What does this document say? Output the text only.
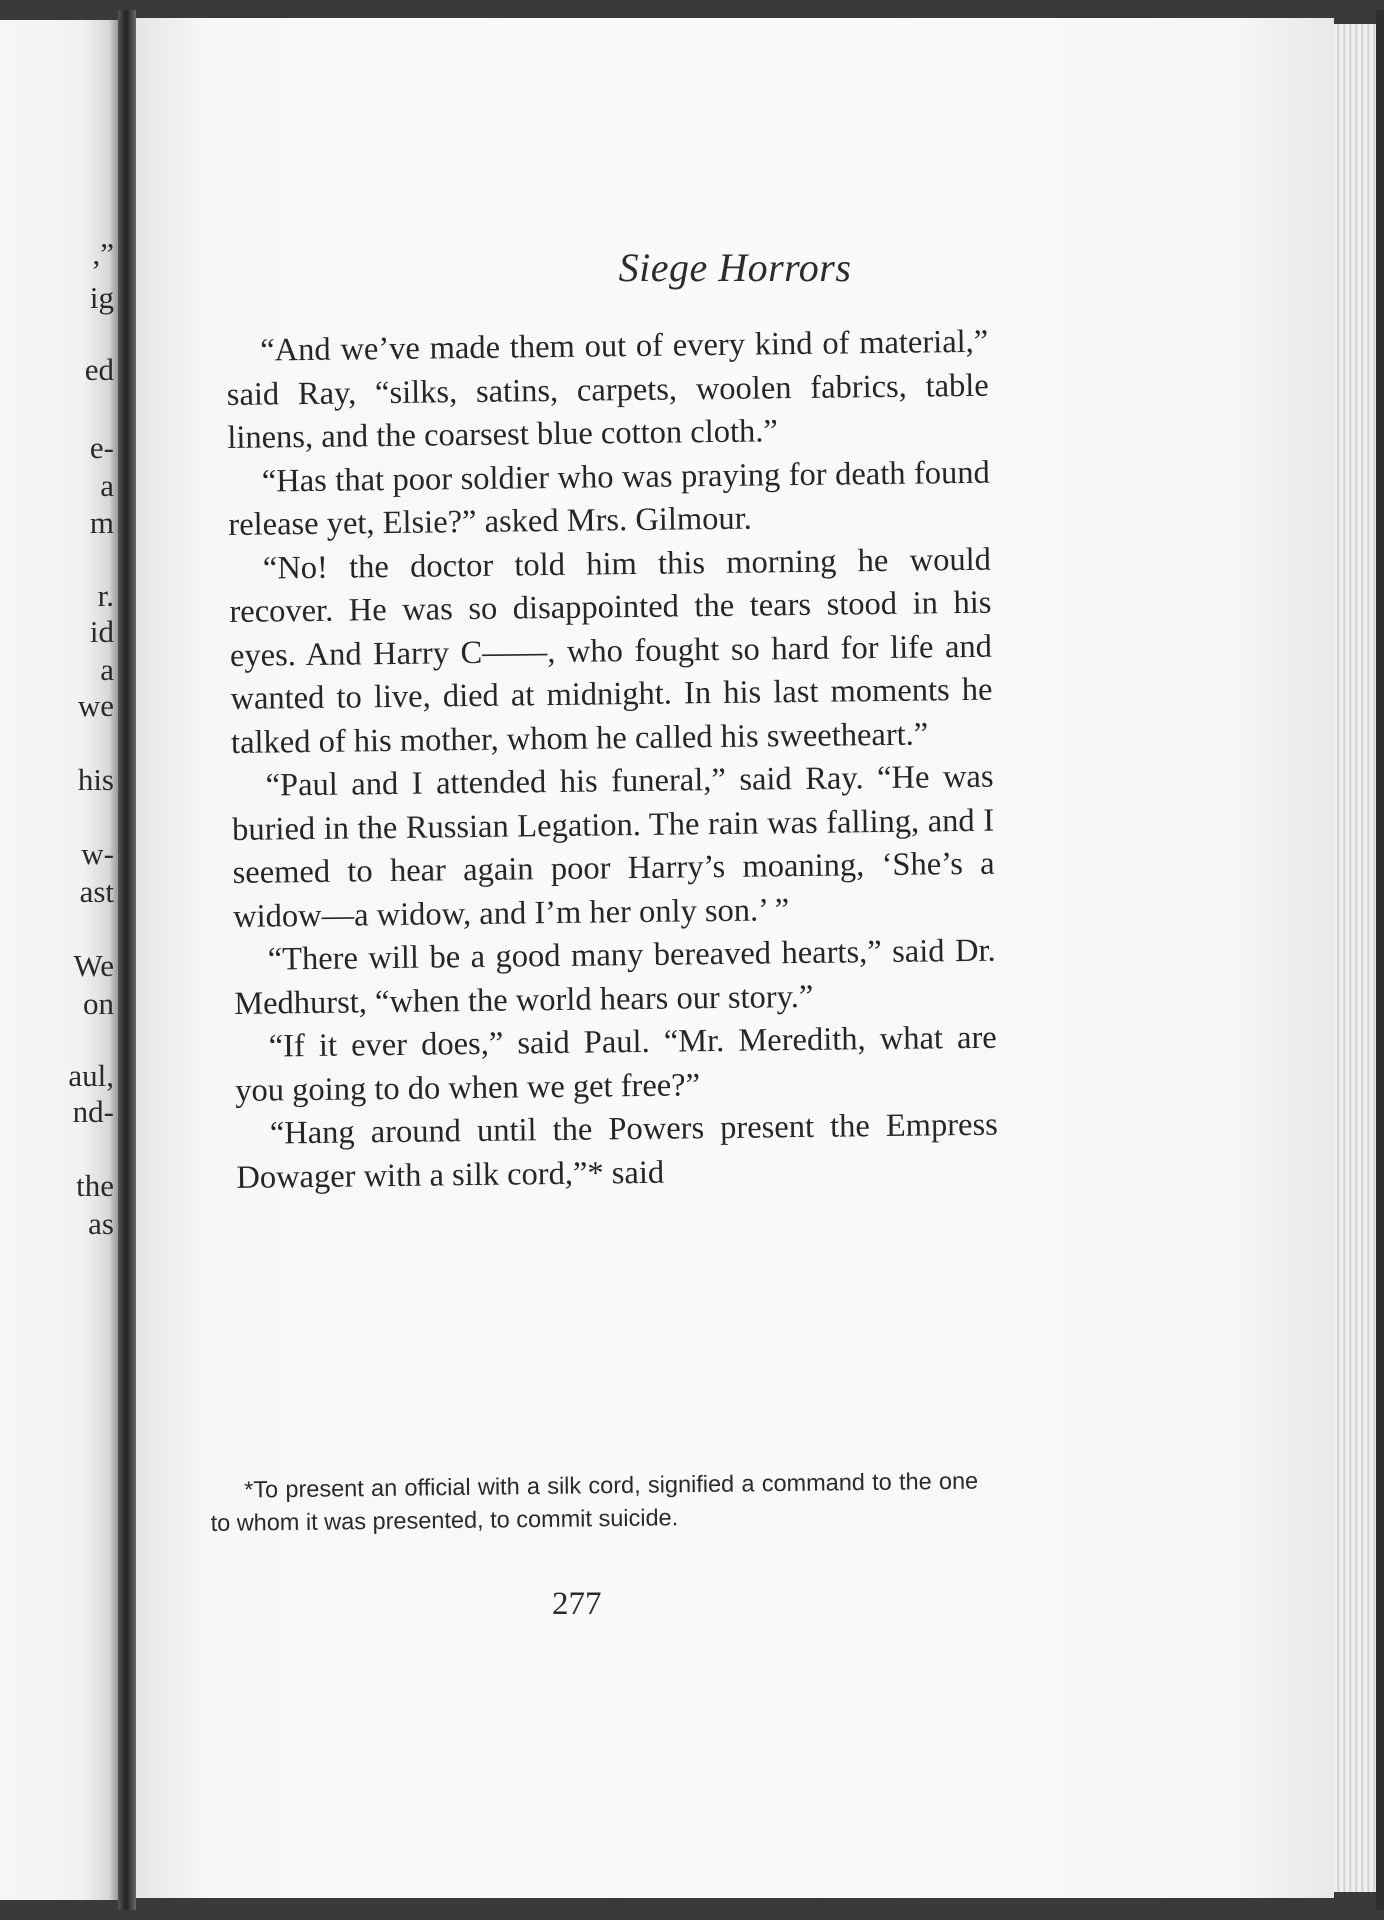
,”
ig
ed
e-
a
m
r.
id
a
we
his
w-
ast
We
on
aul,
nd-
the
as
Siege Horrors

“And we’ve made them out of every kind of material,” said Ray, “silks, satins, carpets, woolen fabrics, table linens, and the coarsest blue cotton cloth.”

“Has that poor soldier who was praying for death found release yet, Elsie?” asked Mrs. Gilmour.

“No! the doctor told him this morning he would recover. He was so disappointed the tears stood in his eyes. And Harry C——, who fought so hard for life and wanted to live, died at midnight. In his last moments he talked of his mother, whom he called his sweetheart.”

“Paul and I attended his funeral,” said Ray. “He was buried in the Russian Legation. The rain was falling, and I seemed to hear again poor Harry’s moaning, ‘She’s a widow—a widow, and I’m her only son.’ ”

“There will be a good many bereaved hearts,” said Dr. Medhurst, “when the world hears our story.”

“If it ever does,” said Paul. “Mr. Meredith, what are you going to do when we get free?”

“Hang around until the Powers present the Empress Dowager with a silk cord,”* said

*To present an official with a silk cord, signified a command to the one to whom it was presented, to commit suicide.

277
